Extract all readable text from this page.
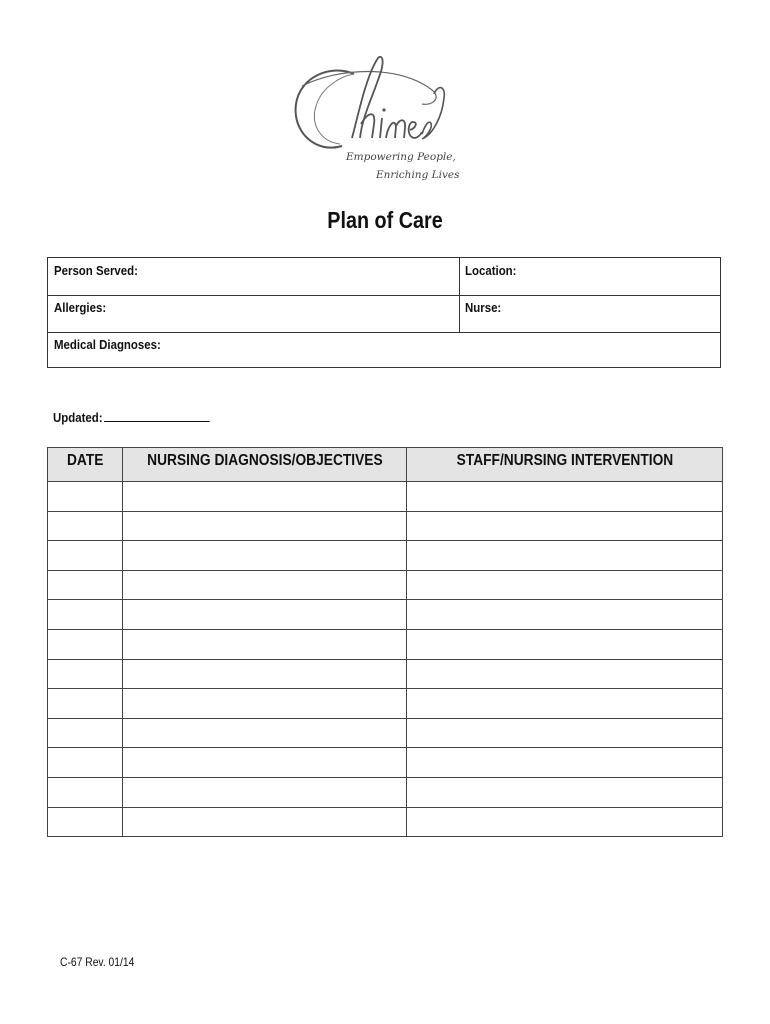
Empowering People,
Enriching Lives
Plan of Care
Person Served:	Location:
Allergies:	Nurse:
Medical Diagnoses:
Updated:
DATE	NURSING DIAGNOSIS/OBJECTIVES	STAFF/NURSING INTERVENTION

C-67 Rev. 01/14
